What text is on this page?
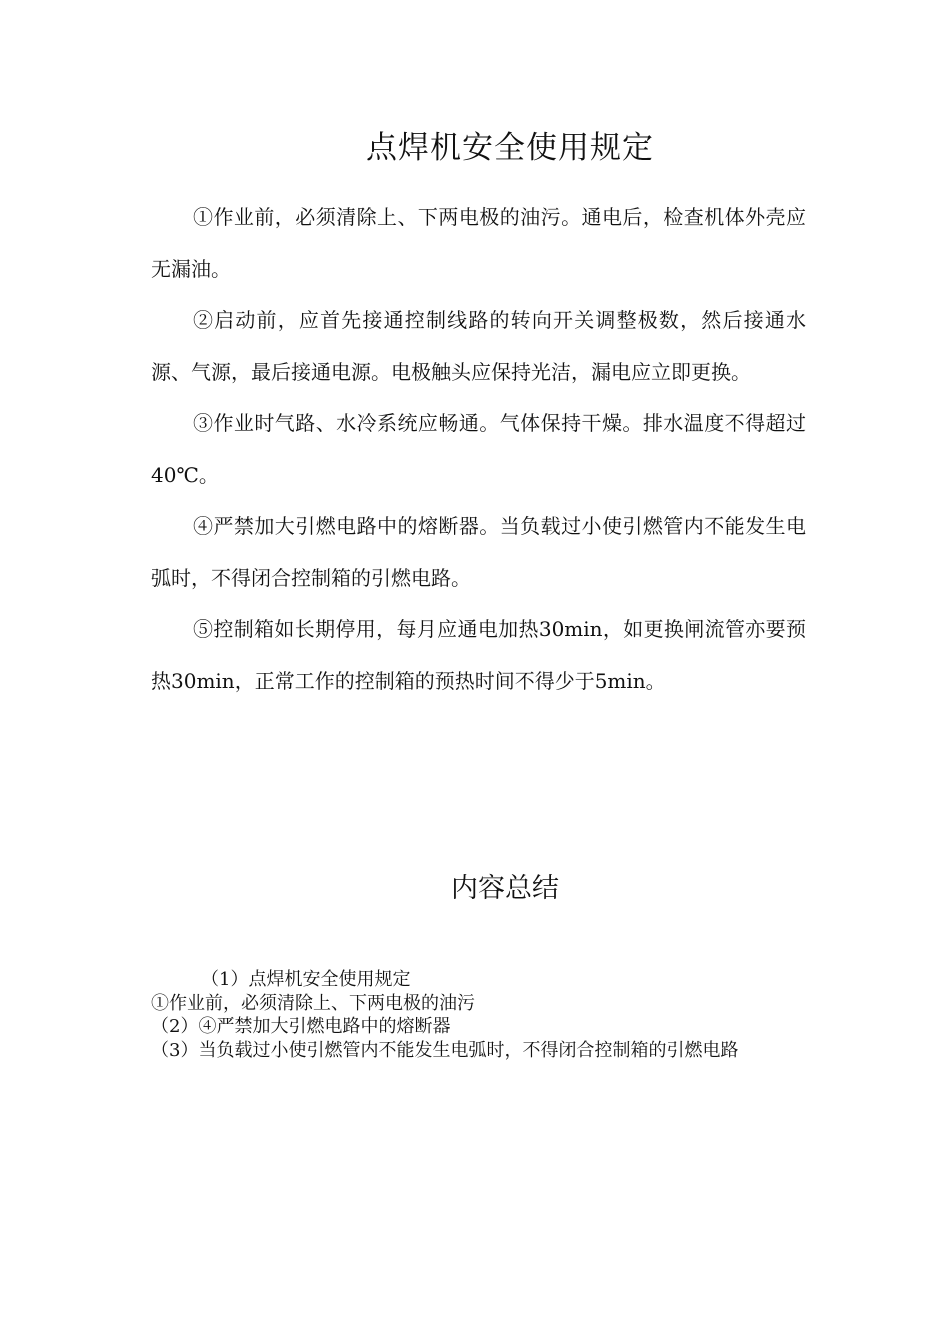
点焊机安全使用规定

①作业前，必须清除上、下两电极的油污。通电后，检查机体外壳应无漏油。

②启动前，应首先接通控制线路的转向开关调整极数，然后接通水源、气源，最后接通电源。电极触头应保持光洁，漏电应立即更换。

③作业时气路、水冷系统应畅通。气体保持干燥。排水温度不得超过40℃。

④严禁加大引燃电路中的熔断器。当负载过小使引燃管内不能发生电弧时，不得闭合控制箱的引燃电路。

⑤控制箱如长期停用，每月应通电加热30min，如更换闸流管亦要预热30min，正常工作的控制箱的预热时间不得少于5min。

内容总结
（1）点焊机安全使用规定
①作业前，必须清除上、下两电极的油污
（2）④严禁加大引燃电路中的熔断器
（3）当负载过小使引燃管内不能发生电弧时，不得闭合控制箱的引燃电路
